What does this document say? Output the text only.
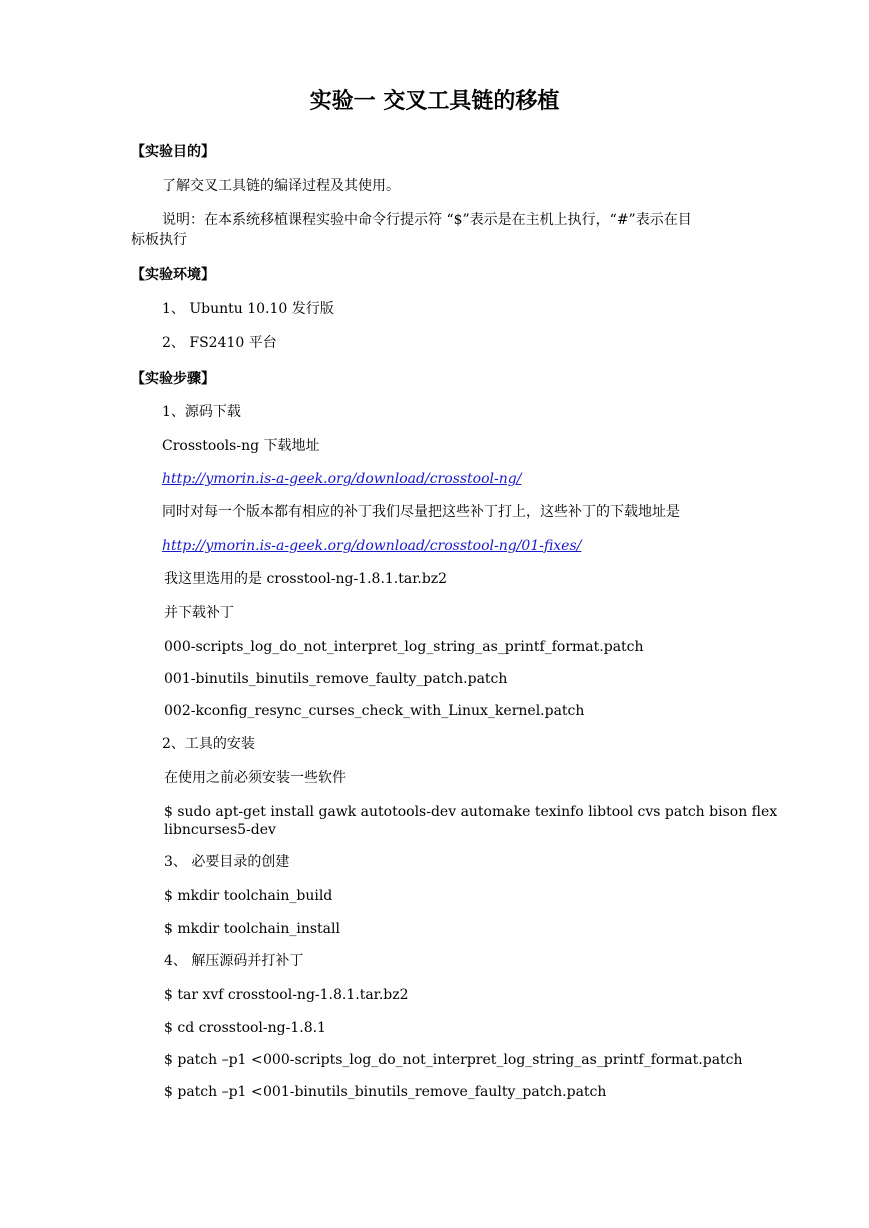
实验一 交叉工具链的移植
【实验目的】
了解交叉工具链的编译过程及其使用。
说明：在本系统移植课程实验中命令行提示符 “$”表示是在主机上执行，“#”表示在目
标板执行
【实验环境】
1、 Ubuntu 10.10 发行版
2、 FS2410 平台
【实验步骤】
1、源码下载
Crosstools-ng 下载地址
http://ymorin.is-a-geek.org/download/crosstool-ng/
同时对每一个版本都有相应的补丁我们尽量把这些补丁打上，这些补丁的下载地址是
http://ymorin.is-a-geek.org/download/crosstool-ng/01-fixes/
我这里选用的是 crosstool-ng-1.8.1.tar.bz2
并下载补丁
000-scripts_log_do_not_interpret_log_string_as_printf_format.patch
001-binutils_binutils_remove_faulty_patch.patch
002-kconfig_resync_curses_check_with_Linux_kernel.patch
2、工具的安装
在使用之前必须安装一些软件
$ sudo apt-get install gawk autotools-dev automake texinfo libtool cvs patch bison flex
libncurses5-dev
3、 必要目录的创建
$ mkdir toolchain_build
$ mkdir toolchain_install
4、 解压源码并打补丁
$ tar xvf crosstool-ng-1.8.1.tar.bz2
$ cd crosstool-ng-1.8.1
$ patch –p1 <000-scripts_log_do_not_interpret_log_string_as_printf_format.patch
$ patch –p1 <001-binutils_binutils_remove_faulty_patch.patch
